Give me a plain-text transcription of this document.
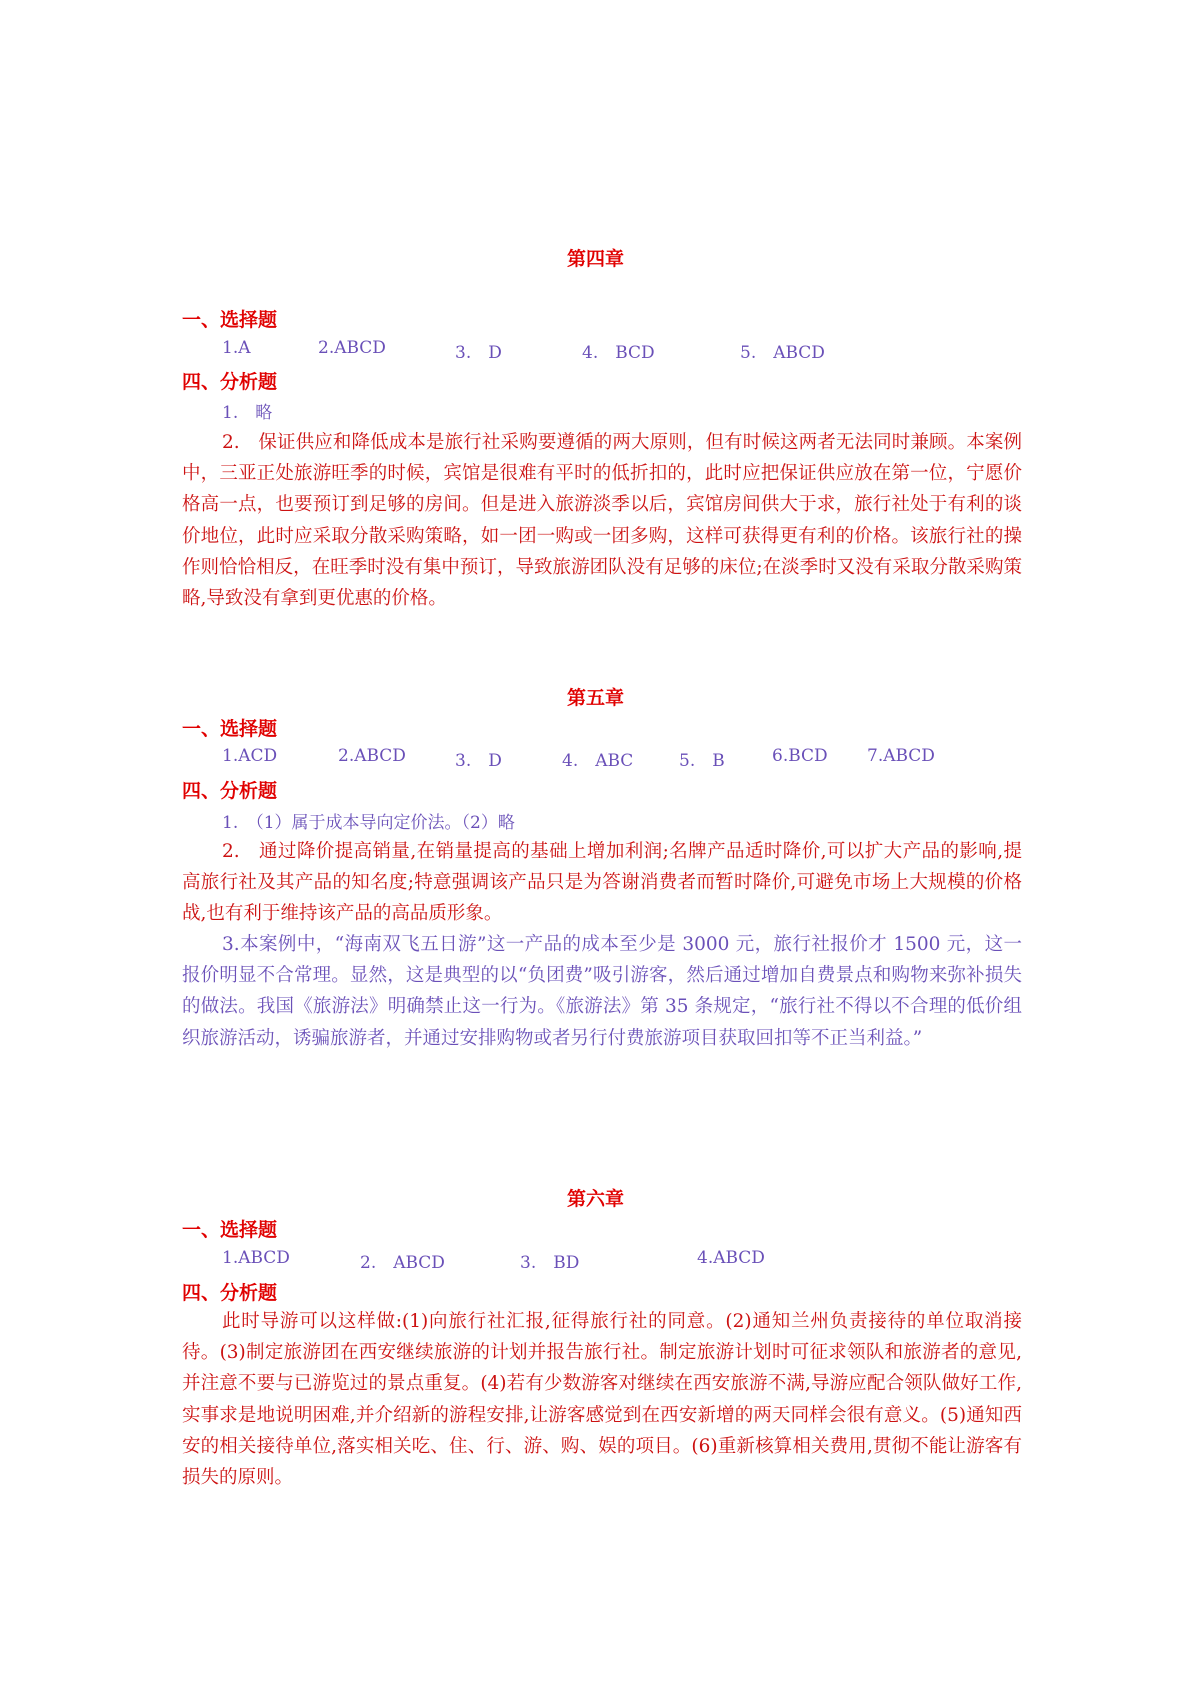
第四章
一、选择题
1.A	2.ABCD	3.　D	4.　BCD	5.　ABCD
四、分析题
1.　略

2.　保证供应和降低成本是旅行社采购要遵循的两大原则，但有时候这两者无法同时兼顾。本案例中，三亚正处旅游旺季的时候，宾馆是很难有平时的低折扣的，此时应把保证供应放在第一位，宁愿价格高一点，也要预订到足够的房间。但是进入旅游淡季以后，宾馆房间供大于求，旅行社处于有利的谈价地位，此时应采取分散采购策略，如一团一购或一团多购，这样可获得更有利的价格。该旅行社的操作则恰恰相反，在旺季时没有集中预订，导致旅游团队没有足够的床位;在淡季时又没有采取分散采购策略,导致没有拿到更优惠的价格。

第五章
一、选择题
1.ACD	2.ABCD	3.　D	4.　ABC	5.　B	6.BCD 7.ABCD
四、分析题
1.　（1）属于成本导向定价法。（2）略

2.　通过降价提高销量,在销量提高的基础上增加利润;名牌产品适时降价,可以扩大产品的影响,提高旅行社及其产品的知名度;特意强调该产品只是为答谢消费者而暂时降价,可避免市场上大规模的价格战,也有利于维持该产品的高品质形象。

3.本案例中，“海南双飞五日游”这一产品的成本至少是 3000 元，旅行社报价才 1500 元，这一报价明显不合常理。显然，这是典型的以“负团费”吸引游客，然后通过增加自费景点和购物来弥补损失的做法。我国《旅游法》明确禁止这一行为。《旅游法》第 35 条规定，“旅行社不得以不合理的低价组织旅游活动，诱骗旅游者，并通过安排购物或者另行付费旅游项目获取回扣等不正当利益。”

第六章
一、选择题
1.ABCD	2.　ABCD	3.　BD	4.ABCD
四、分析题

此时导游可以这样做:(1)向旅行社汇报,征得旅行社的同意。(2)通知兰州负责接待的单位取消接待。(3)制定旅游团在西安继续旅游的计划并报告旅行社。制定旅游计划时可征求领队和旅游者的意见,并注意不要与已游览过的景点重复。(4)若有少数游客对继续在西安旅游不满,导游应配合领队做好工作,实事求是地说明困难,并介绍新的游程安排,让游客感觉到在西安新增的两天同样会很有意义。(5)通知西安的相关接待单位,落实相关吃、住、行、游、购、娱的项目。(6)重新核算相关费用,贯彻不能让游客有损失的原则。
